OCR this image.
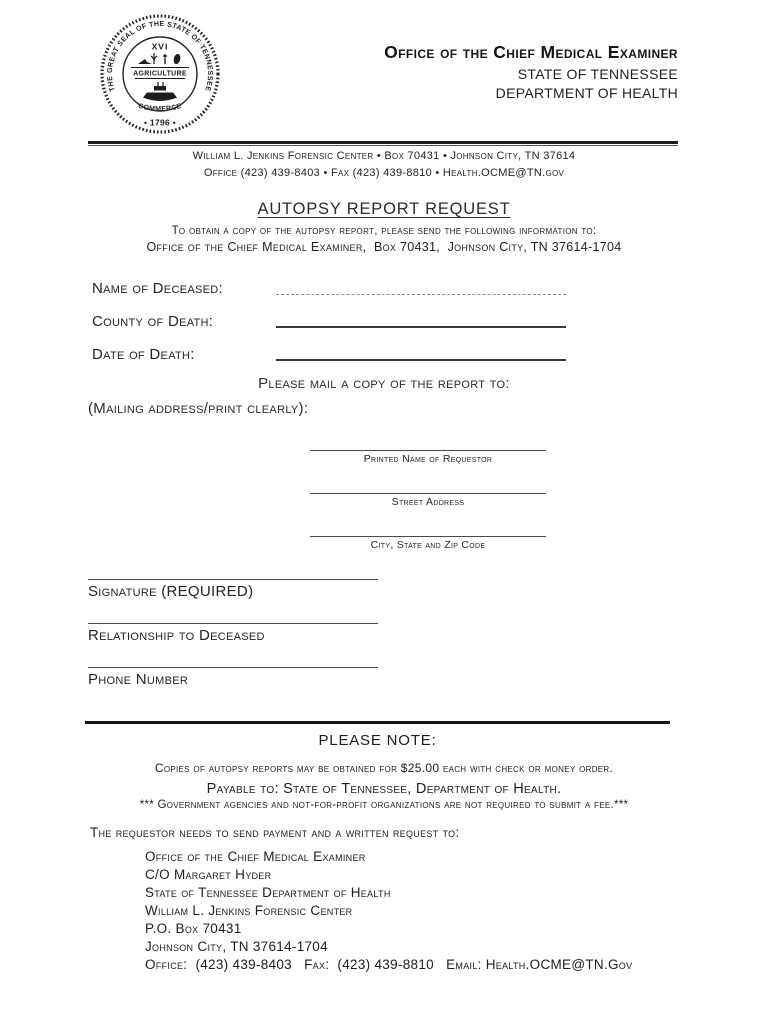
THE GREAT SEAL OF THE STATE OF TENNESSEE
• 1796 •
XVI
AGRICULTURE
COMMERCE
Office of the Chief Medical Examiner
STATE OF TENNESSEE
DEPARTMENT OF HEALTH
William L. Jenkins Forensic Center • Box 70431 • Johnson City, TN 37614
Office (423) 439-8403 • Fax (423) 439-8810 • Health.OCME@TN.gov
AUTOPSY REPORT REQUEST
To obtain a copy of the autopsy report, please send the following information to:
Office of the Chief Medical Examiner,  Box 70431,  Johnson City, TN 37614-1704
Name of Deceased:
County of Death:
Date of Death:
Please mail a copy of the report to:
(Mailing address/print clearly):
Printed Name of Requestor
Street Address
City, State and Zip Code
Signature (REQUIRED)
Relationship to Deceased
Phone Number
PLEASE NOTE:
Copies of autopsy reports may be obtained for $25.00 each with check or money order.
Payable to: State of Tennessee, Department of Health.
*** Government agencies and not-for-profit organizations are not required to submit a fee.***
The requestor needs to send payment and a written request to:
Office of the Chief Medical Examiner
C/O Margaret Hyder
State of Tennessee Department of Health
William L. Jenkins Forensic Center
P.O. Box 70431
Johnson City, TN 37614-1704
Office:  (423) 439-8403   Fax:  (423) 439-8810   Email: Health.OCME@TN.Gov
